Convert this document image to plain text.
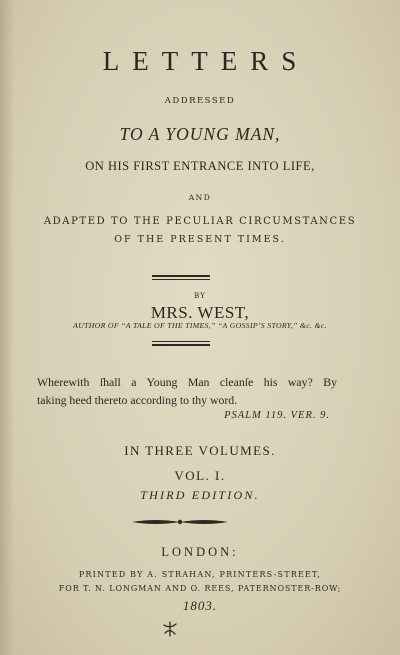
LETTERS
ADDRESSED
TO A YOUNG MAN,
ON HIS FIRST ENTRANCE INTO LIFE,
AND
ADAPTED TO THE PECULIAR CIRCUMSTANCES
OF THE PRESENT TIMES.
BY
MRS. WEST,
AUTHOR OF “A TALE OF THE TIMES,” “A GOSSIP’S STORY,” &c. &c.
Wherewith ſhall a Young Man cleanſe his way? By
taking heed thereto according to thy word.
PSALM 119. VER. 9.
IN THREE VOLUMES.
VOL. I.
THIRD EDITION.
LONDON:
PRINTED BY A. STRAHAN, PRINTERS-STREET,
FOR T. N. LONGMAN AND O. REES, PATERNOSTER-ROW;
1803.
